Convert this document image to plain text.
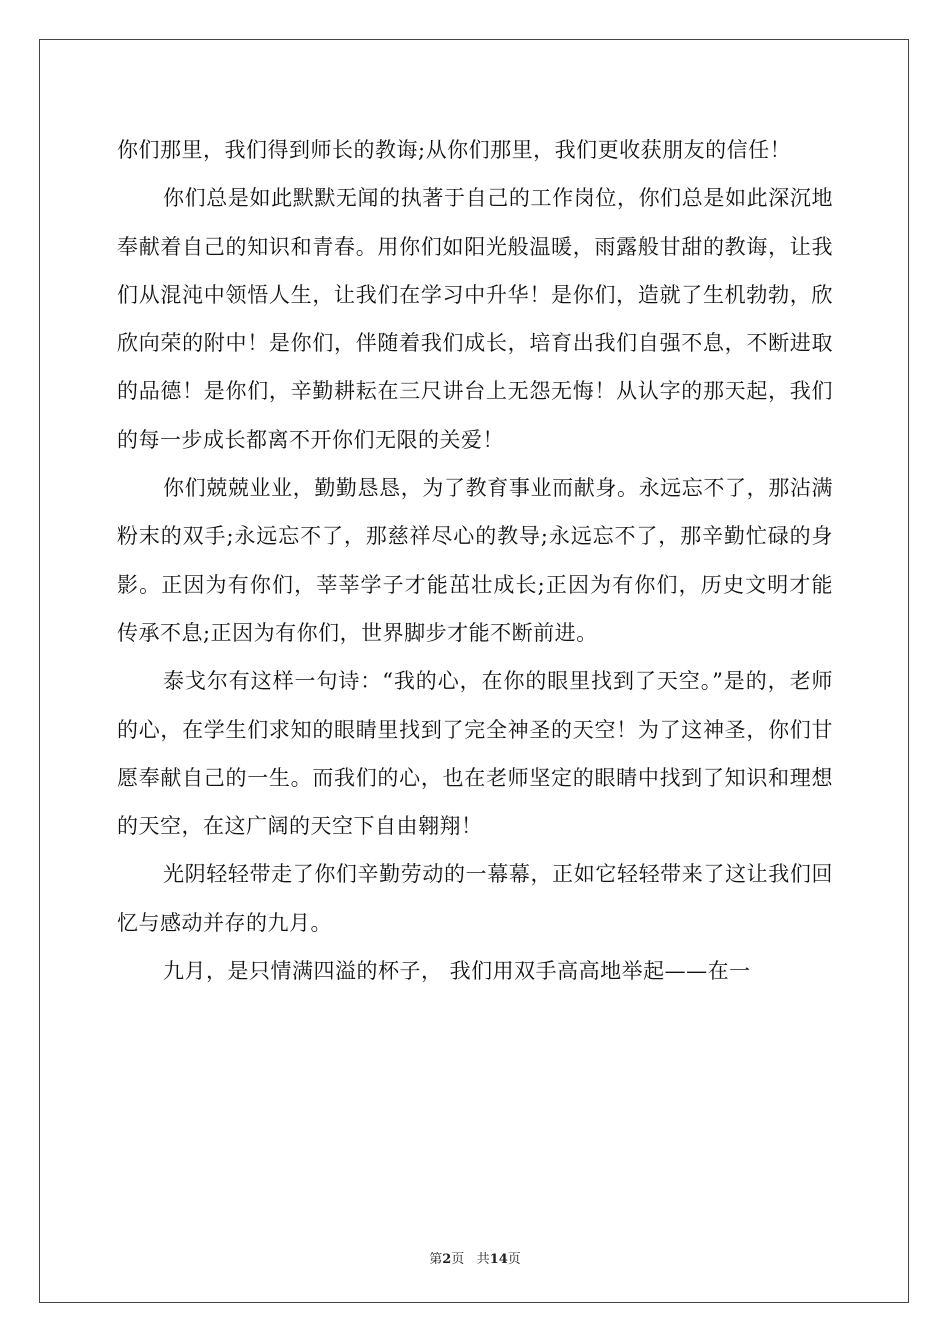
你们那里，我们得到师长的教诲;从你们那里，我们更收获朋友的信任！

你们总是如此默默无闻的执著于自己的工作岗位，你们总是如此深沉地奉献着自己的知识和青春。用你们如阳光般温暖，雨露般甘甜的教诲，让我们从混沌中领悟人生，让我们在学习中升华！是你们，造就了生机勃勃，欣欣向荣的附中！是你们，伴随着我们成长，培育出我们自强不息，不断进取的品德！是你们，辛勤耕耘在三尺讲台上无怨无悔！从认字的那天起，我们的每一步成长都离不开你们无限的关爱！

你们兢兢业业，勤勤恳恳，为了教育事业而献身。永远忘不了，那沾满粉末的双手;永远忘不了，那慈祥尽心的教导;永远忘不了，那辛勤忙碌的身影。正因为有你们，莘莘学子才能茁壮成长;正因为有你们，历史文明才能传承不息;正因为有你们，世界脚步才能不断前进。

泰戈尔有这样一句诗：“我的心，在你的眼里找到了天空。”是的，老师的心，在学生们求知的眼睛里找到了完全神圣的天空！为了这神圣，你们甘愿奉献自己的一生。而我们的心，也在老师坚定的眼睛中找到了知识和理想的天空，在这广阔的天空下自由翱翔！

光阴轻轻带走了你们辛勤劳动的一幕幕，正如它轻轻带来了这让我们回忆与感动并存的九月。

九月，是只情满四溢的杯子， 我们用双手高高地举起——在一

第2页 共14页
